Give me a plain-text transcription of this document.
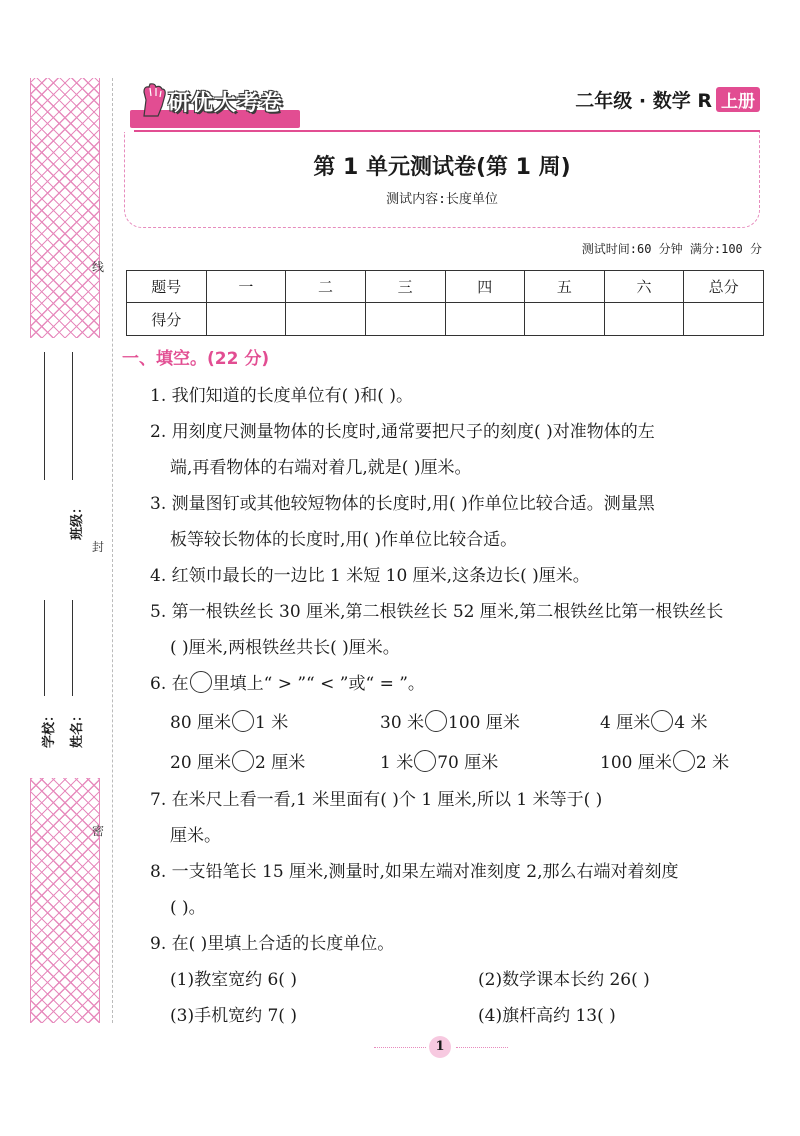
线
封
密
学校：	姓名：
班级：
研优大考卷
YANYOUDAKAOJUAN
二年级 · 数学 R 上册
第 1 单元测试卷(第 1 周)
测试内容:长度单位
测试时间:60 分钟 满分:100 分
题号	一	二	三	四	五	六	总分
得分							
一、填空。(22 分)
1. 我们知道的长度单位有( )和( )。
2. 用刻度尺测量物体的长度时,通常要把尺子的刻度( )对准物体的左
端,再看物体的右端对着几,就是( )厘米。
3. 测量图钉或其他较短物体的长度时,用( )作单位比较合适。测量黑
板等较长物体的长度时,用( )作单位比较合适。
4. 红领巾最长的一边比 1 米短 10 厘米,这条边长( )厘米。
5. 第一根铁丝长 30 厘米,第二根铁丝长 52 厘米,第二根铁丝比第一根铁丝长
( )厘米,两根铁丝共长( )厘米。
6. 在 里填上“ > ”“ < ”或“ = ”。
80 厘米 1 米	30 米 100 厘米	4 厘米 4 米
20 厘米 2 厘米	1 米 70 厘米	100 厘米 2 米
7. 在米尺上看一看,1 米里面有( )个 1 厘米,所以 1 米等于( )
厘米。
8. 一支铅笔长 15 厘米,测量时,如果左端对准刻度 2,那么右端对着刻度
( )。
9. 在( )里填上合适的长度单位。
(1)教室宽约 6( )	(2)数学课本长约 26( )
(3)手机宽约 7( )	(4)旗杆高约 13( )
1
